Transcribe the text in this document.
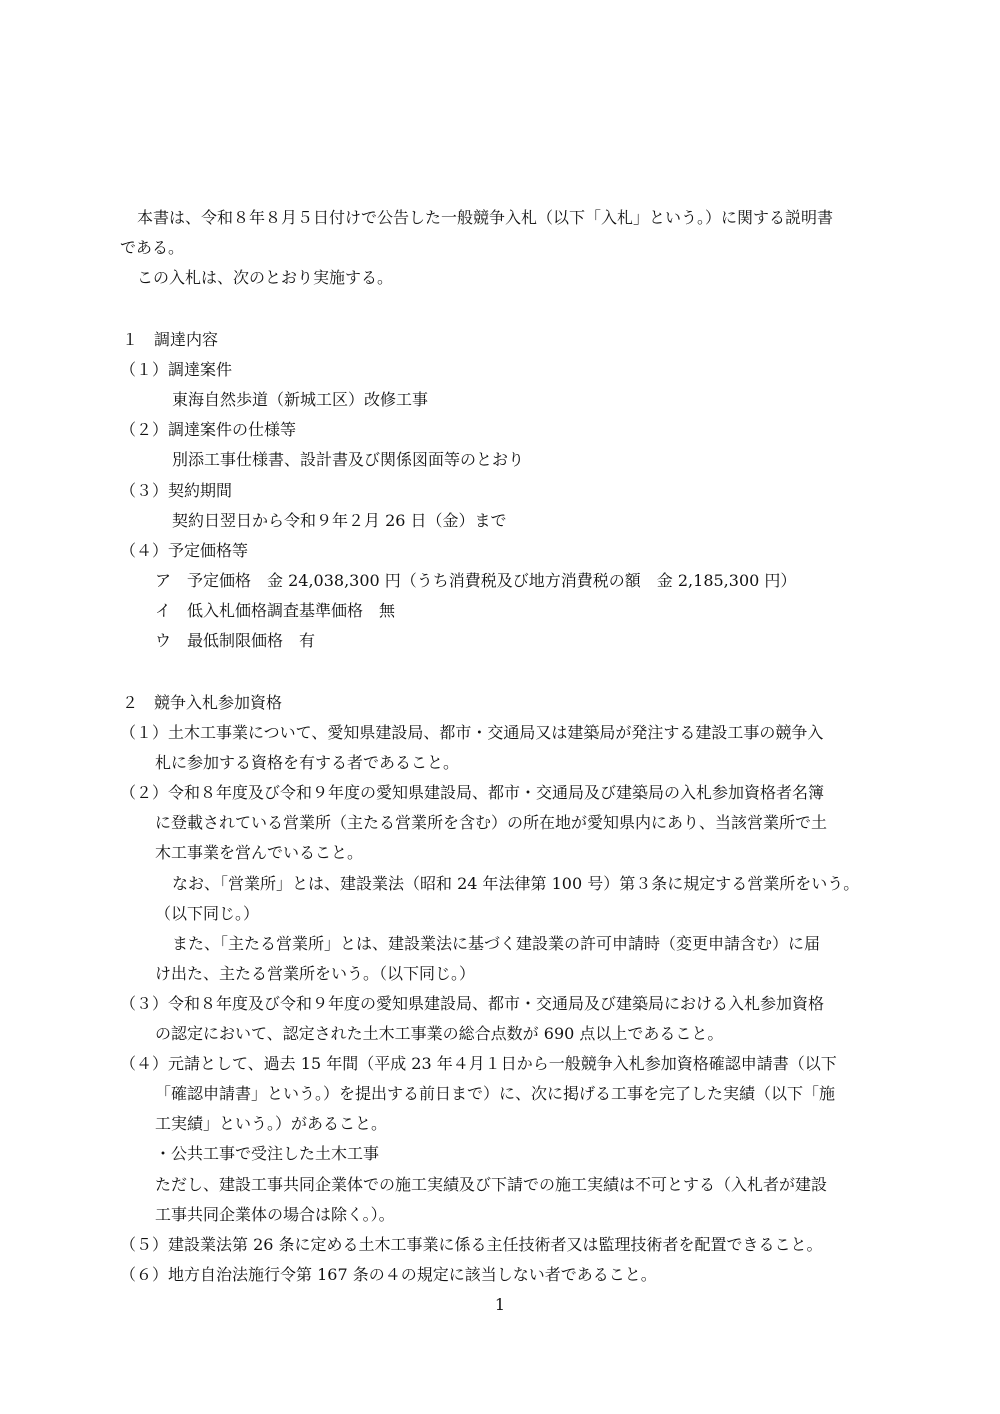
本書は、令和８年８月５日付けで公告した一般競争入札（以下「入札」という。）に関する説明書
である。
この入札は、次のとおり実施する。
１　調達内容
（１）調達案件
東海自然歩道（新城工区）改修工事
（２）調達案件の仕様等
別添工事仕様書、設計書及び関係図面等のとおり
（３）契約期間
契約日翌日から令和９年２月 26 日（金）まで
（４）予定価格等
ア　予定価格　金 24,038,300 円（うち消費税及び地方消費税の額　金 2,185,300 円）
イ　低入札価格調査基準価格　無
ウ　最低制限価格　有
２　競争入札参加資格
（１）土木工事業について、愛知県建設局、都市・交通局又は建築局が発注する建設工事の競争入
札に参加する資格を有する者であること。
（２）令和８年度及び令和９年度の愛知県建設局、都市・交通局及び建築局の入札参加資格者名簿
に登載されている営業所（主たる営業所を含む）の所在地が愛知県内にあり、当該営業所で土
木工事業を営んでいること。
なお、「営業所」とは、建設業法（昭和 24 年法律第 100 号）第３条に規定する営業所をいう。
（以下同じ。）
また、「主たる営業所」とは、建設業法に基づく建設業の許可申請時（変更申請含む）に届
け出た、主たる営業所をいう。（以下同じ。）
（３）令和８年度及び令和９年度の愛知県建設局、都市・交通局及び建築局における入札参加資格
の認定において、認定された土木工事業の総合点数が 690 点以上であること。
（４）元請として、過去 15 年間（平成 23 年４月１日から一般競争入札参加資格確認申請書（以下
「確認申請書」という。）を提出する前日まで）に、次に掲げる工事を完了した実績（以下「施
工実績」という。）があること。
・公共工事で受注した土木工事
ただし、建設工事共同企業体での施工実績及び下請での施工実績は不可とする（入札者が建設
工事共同企業体の場合は除く。）。
（５）建設業法第 26 条に定める土木工事業に係る主任技術者又は監理技術者を配置できること。
（６）地方自治法施行令第 167 条の４の規定に該当しない者であること。
1
